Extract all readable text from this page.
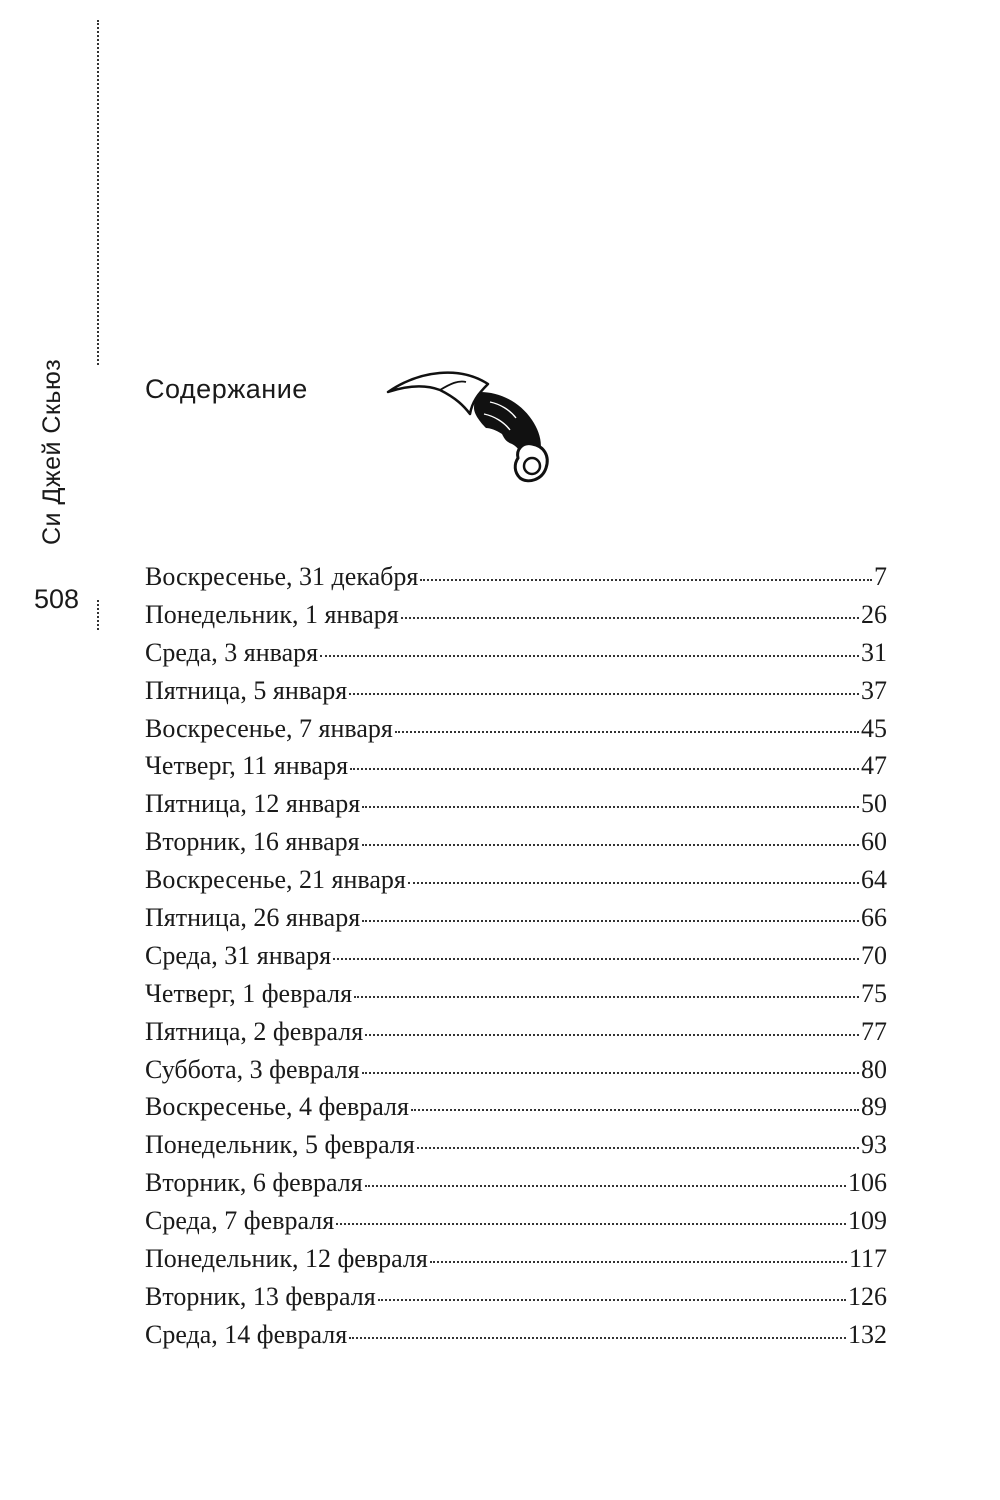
Си Джей Скьюз
508
Содержание
Воскресенье, 31 декабря	7
Понедельник, 1 января	26
Среда, 3 января	31
Пятница, 5 января	37
Воскресенье, 7 января	45
Четверг, 11 января	47
Пятница, 12 января	50
Вторник, 16 января	60
Воскресенье, 21 января	64
Пятница, 26 января	66
Среда, 31 января	70
Четверг, 1 февраля	75
Пятница, 2 февраля	77
Суббота, 3 февраля	80
Воскресенье, 4 февраля	89
Понедельник, 5 февраля	93
Вторник, 6 февраля	106
Среда, 7 февраля	109
Понедельник, 12 февраля	117
Вторник, 13 февраля	126
Среда, 14 февраля	132
